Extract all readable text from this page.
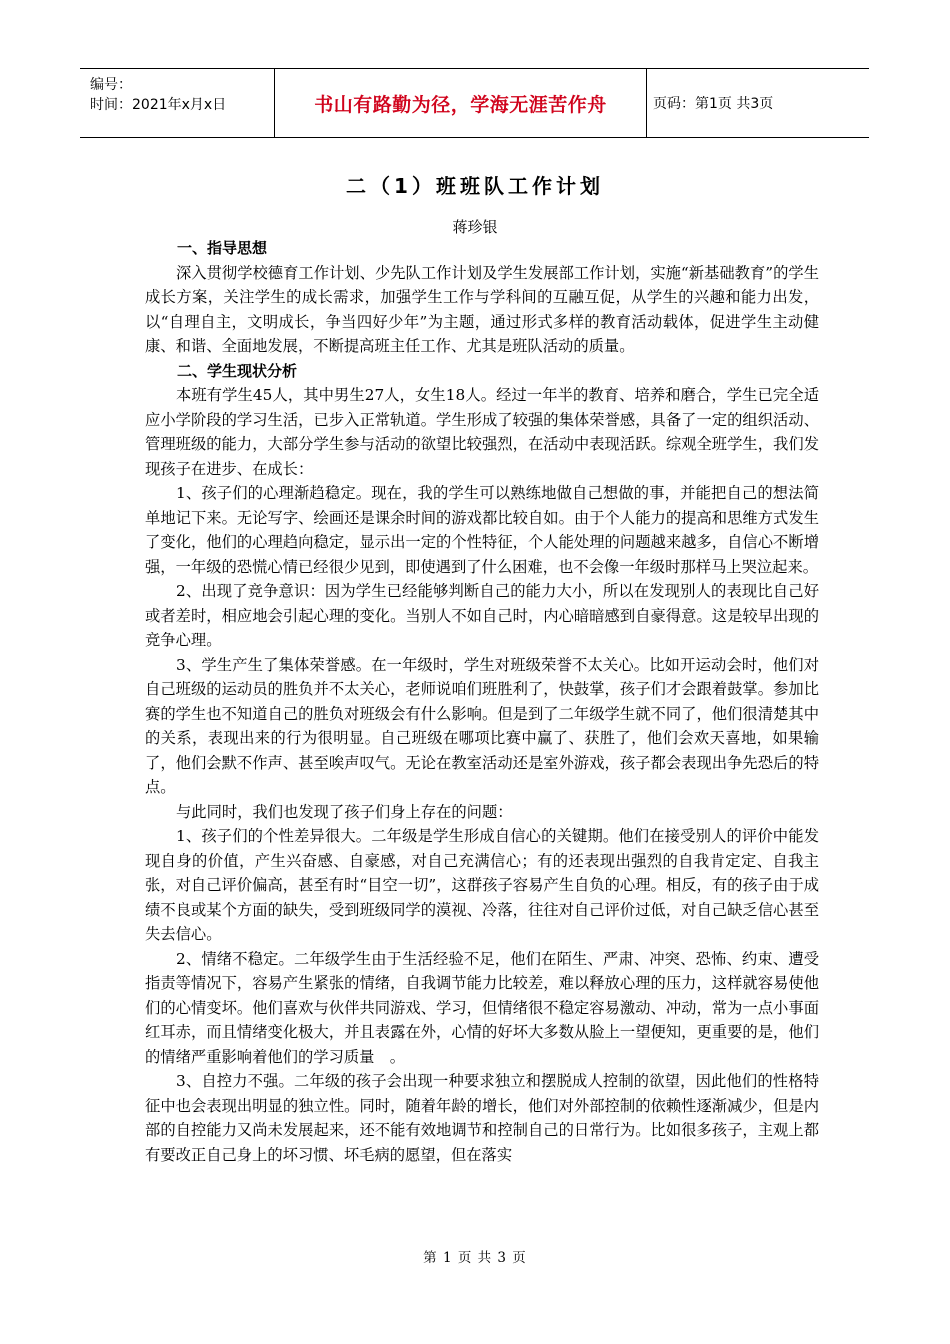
编号：
时间：2021年x月x日	书山有路勤为径，学海无涯苦作舟	页码：第1页 共3页
二（1）班班队工作计划
蒋珍银

一、指导思想

深入贯彻学校德育工作计划、少先队工作计划及学生发展部工作计划，实施“新基础教育”的学生成长方案，关注学生的成长需求，加强学生工作与学科间的互融互促，从学生的兴趣和能力出发，以“自理自主，文明成长，争当四好少年”为主题，通过形式多样的教育活动载体，促进学生主动健康、和谐、全面地发展，不断提高班主任工作、尤其是班队活动的质量。

二、学生现状分析

本班有学生45人，其中男生27人，女生18人。经过一年半的教育、培养和磨合，学生已完全适应小学阶段的学习生活，已步入正常轨道。学生形成了较强的集体荣誉感，具备了一定的组织活动、管理班级的能力，大部分学生参与活动的欲望比较强烈，在活动中表现活跃。综观全班学生，我们发现孩子在进步、在成长：

1、孩子们的心理渐趋稳定。现在，我的学生可以熟练地做自己想做的事，并能把自己的想法简单地记下来。无论写字、绘画还是课余时间的游戏都比较自如。由于个人能力的提高和思维方式发生了变化，他们的心理趋向稳定，显示出一定的个性特征，个人能处理的问题越来越多，自信心不断增强，一年级的恐慌心情已经很少见到，即使遇到了什么困难，也不会像一年级时那样马上哭泣起来。

2、出现了竞争意识：因为学生已经能够判断自己的能力大小，所以在发现别人的表现比自己好或者差时，相应地会引起心理的变化。当别人不如自己时，内心暗暗感到自豪得意。这是较早出现的竞争心理。

3、学生产生了集体荣誉感。在一年级时，学生对班级荣誉不太关心。比如开运动会时，他们对自己班级的运动员的胜负并不太关心，老师说咱们班胜利了，快鼓掌，孩子们才会跟着鼓掌。参加比赛的学生也不知道自己的胜负对班级会有什么影响。但是到了二年级学生就不同了，他们很清楚其中的关系，表现出来的行为很明显。自己班级在哪项比赛中赢了、获胜了，他们会欢天喜地，如果输了，他们会默不作声、甚至唉声叹气。无论在教室活动还是室外游戏，孩子都会表现出争先恐后的特点。

与此同时，我们也发现了孩子们身上存在的问题：

1、孩子们的个性差异很大。二年级是学生形成自信心的关键期。他们在接受别人的评价中能发现自身的价值，产生兴奋感、自豪感，对自己充满信心；有的还表现出强烈的自我肯定定、自我主张，对自己评价偏高，甚至有时“目空一切”，这群孩子容易产生自负的心理。相反，有的孩子由于成绩不良或某个方面的缺失，受到班级同学的漠视、冷落，往往对自己评价过低，对自己缺乏信心甚至失去信心。

2、情绪不稳定。二年级学生由于生活经验不足，他们在陌生、严肃、冲突、恐怖、约束、遭受指责等情况下，容易产生紧张的情绪，自我调节能力比较差，难以释放心理的压力，这样就容易使他们的心情变坏。他们喜欢与伙伴共同游戏、学习，但情绪很不稳定容易激动、冲动，常为一点小事面红耳赤，而且情绪变化极大，并且表露在外，心情的好坏大多数从脸上一望便知，更重要的是，他们的情绪严重影响着他们的学习质量　。

3、自控力不强。二年级的孩子会出现一种要求独立和摆脱成人控制的欲望，因此他们的性格特征中也会表现出明显的独立性。同时，随着年龄的增长，他们对外部控制的依赖性逐渐减少，但是内部的自控能力又尚未发展起来，还不能有效地调节和控制自己的日常行为。比如很多孩子，主观上都有要改正自己身上的坏习惯、坏毛病的愿望，但在落实

第 1 页 共 3 页
